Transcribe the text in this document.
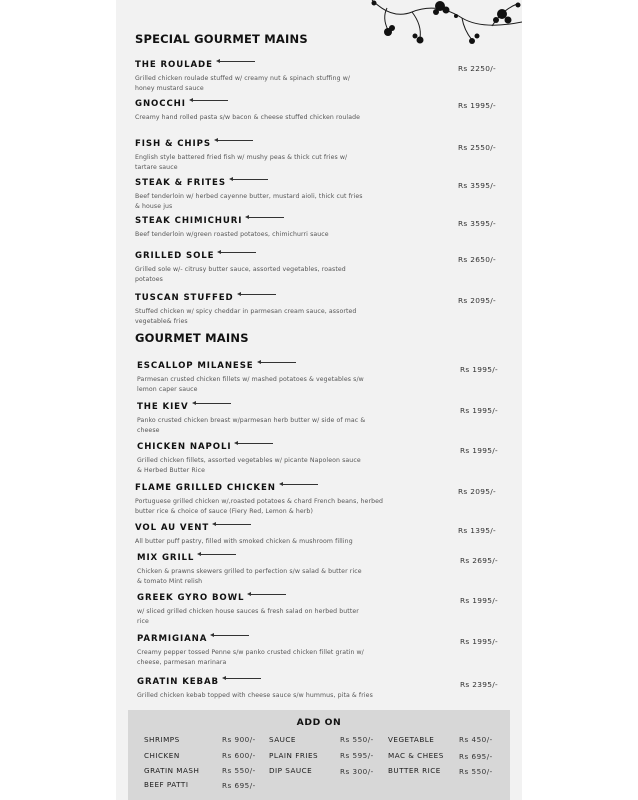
SPECIAL GOURMET MAINS
THE ROULADE
Grilled chicken roulade stuffed w/ creamy nut & spinach stuffing w/ honey mustard sauce
Rs 2250/-
GNOCCHI
Creamy hand rolled pasta s/w bacon & cheese stuffed chicken roulade
Rs 1995/-
FISH & CHIPS
English style battered fried fish w/ mushy peas & thick cut fries w/ tartare sauce
Rs 2550/-
STEAK & FRITES
Beef tenderloin w/ herbed cayenne butter, mustard aioli, thick cut fries & house jus
Rs 3595/-
STEAK CHIMICHURI
Beef tenderloin w/green roasted potatoes, chimichurri sauce
Rs 3595/-
GRILLED SOLE
Grilled sole w/- citrusy butter sauce, assorted vegetables, roasted potatoes
Rs 2650/-
TUSCAN STUFFED
Stuffed chicken w/ spicy cheddar in parmesan cream sauce, assorted vegetable& fries
Rs 2095/-
GOURMET MAINS
ESCALLOP MILANESE
Parmesan crusted chicken fillets w/ mashed potatoes & vegetables s/w lemon caper sauce
Rs 1995/-
THE KIEV
Panko crusted chicken breast w/parmesan herb butter w/ side of mac & cheese
Rs 1995/-
CHICKEN NAPOLI
Grilled chicken fillets, assorted vegetables w/ picante Napoleon sauce & Herbed Butter Rice
Rs 1995/-
FLAME GRILLED CHICKEN
Portuguese grilled chicken w/,roasted potatoes & chard French beans, herbed butter rice & choice of sauce (Fiery Red, Lemon & herb)
Rs 2095/-
VOL AU VENT
All butter puff pastry, filled with smoked chicken & mushroom filling
Rs 1395/-
MIX GRILL
Chicken & prawns skewers grilled to perfection s/w salad & butter rice & tomato Mint relish
Rs 2695/-
GREEK GYRO BOWL
w/ sliced grilled chicken house sauces & fresh salad on herbed butter rice
Rs 1995/-
PARMIGIANA
Creamy pepper tossed Penne s/w panko crusted chicken fillet gratin w/ cheese, parmesan marinara
Rs 1995/-
GRATIN KEBAB
Grilled chicken kebab topped with cheese sauce s/w hummus, pita & fries
Rs 2395/-
ADD ON
SHRIMPS	Rs 900/- SAUCE	Rs 550/- VEGETABLE	Rs 450/-
CHICKEN	Rs 600/- PLAIN FRIES	Rs 595/- MAC & CHEES Rs 695/-
GRATIN MASH	Rs 550/- DIP SAUCE	Rs 300/- BUTTER RICE	Rs 550/-
BEEF PATTI	Rs 695/-
